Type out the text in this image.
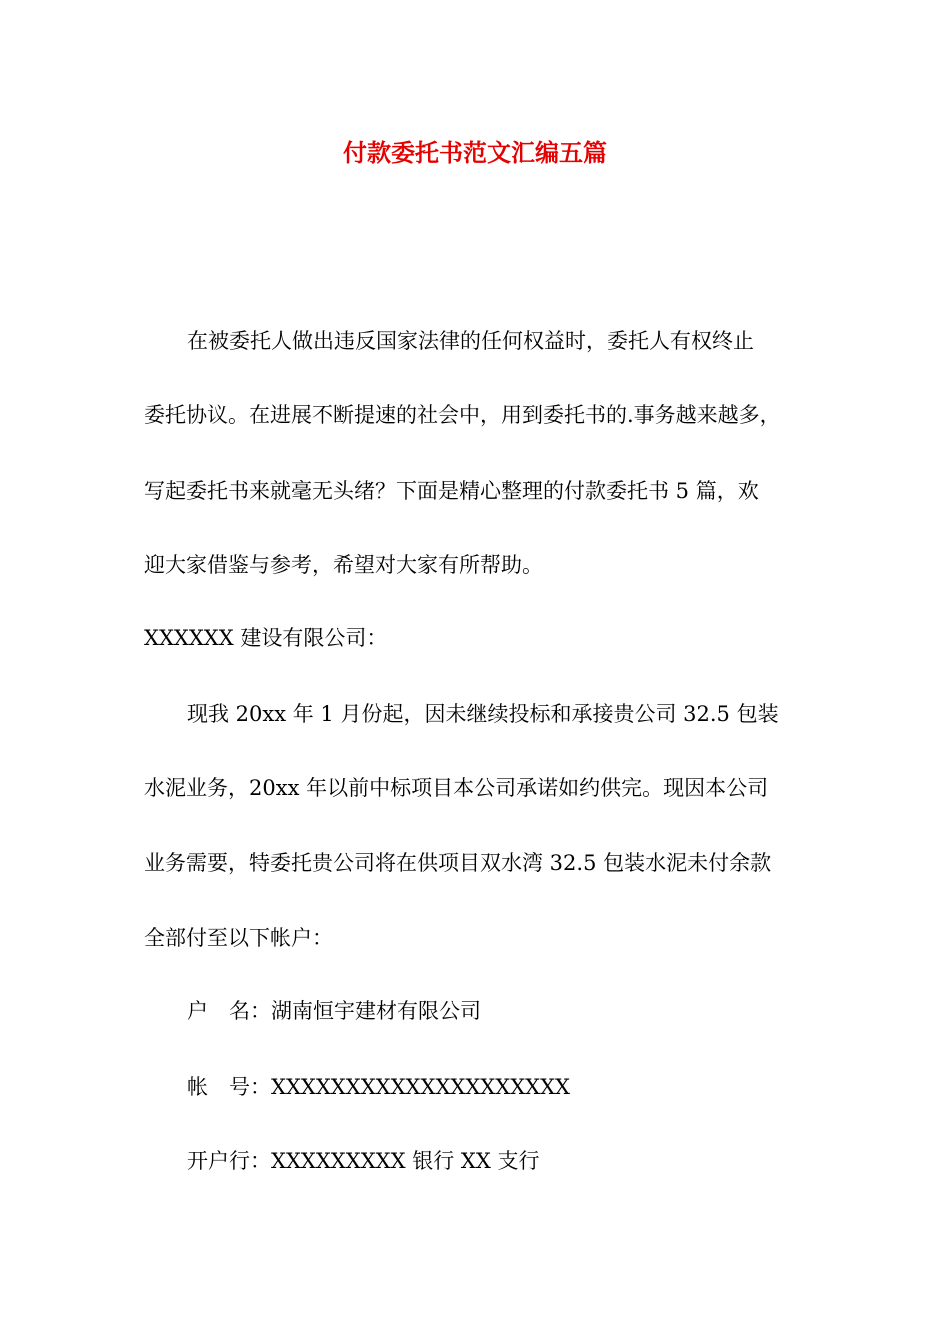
付款委托书范文汇编五篇
在被委托人做出违反国家法律的任何权益时，委托人有权终止
委托协议。在进展不断提速的社会中，用到委托书的.事务越来越多，
写起委托书来就毫无头绪？下面是精心整理的付款委托书 5 篇，欢
迎大家借鉴与参考，希望对大家有所帮助。
XXXXXX 建设有限公司：
现我 20xx 年 1 月份起，因未继续投标和承接贵公司 32.5 包装
水泥业务，20xx 年以前中标项目本公司承诺如约供完。现因本公司
业务需要，特委托贵公司将在供项目双水湾 32.5 包装水泥未付余款
全部付至以下帐户：
户　名：湖南恒宇建材有限公司
帐　号：XXXXXXXXXXXXXXXXXXXX
开户行：XXXXXXXXX 银行 XX 支行
